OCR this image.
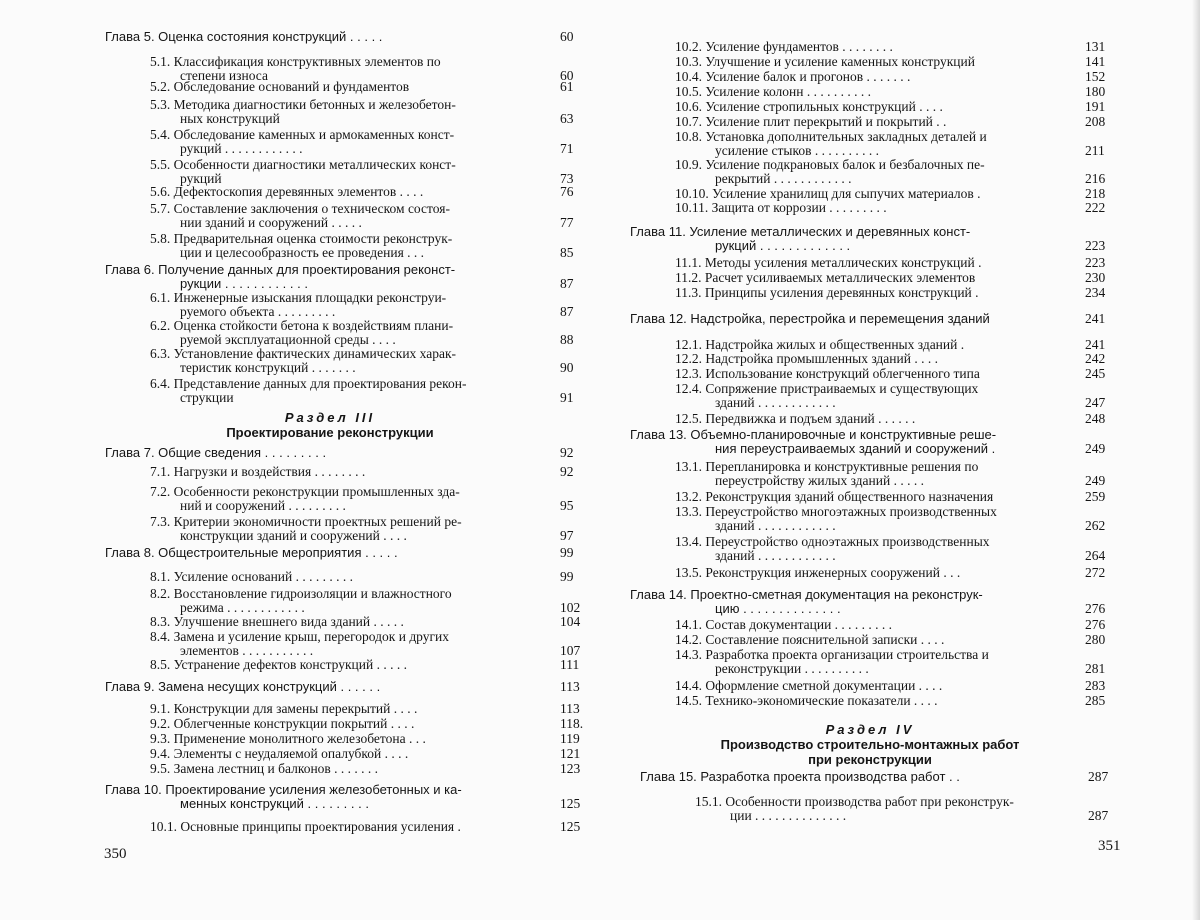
Глава 5. Оценка состояния конструкций . . . . .	60
5.1. Классификация конструктивных элементов по
степени износа	60
5.2. Обследование оснований и фундаментов	61
5.3. Методика диагностики бетонных и железобетон-
ных конструкций	63
5.4. Обследование каменных и армокаменных конст-
рукций . . . . . . . . . . . .	71
5.5. Особенности диагностики металлических конст-
рукций	73
5.6. Дефектоскопия деревянных элементов . . . .	76
5.7. Составление заключения о техническом состоя-
нии зданий и сооружений . . . . .	77
5.8. Предварительная оценка стоимости реконструк-
ции и целесообразность ее проведения . . .	85
Глава 6. Получение данных для проектирования реконст-
рукции . . . . . . . . . . . .	87
6.1. Инженерные изыскания площадки реконструи-
руемого объекта . . . . . . . . .	87
6.2. Оценка стойкости бетона к воздействиям плани-
руемой эксплуатационной среды . . . .	88
6.3. Установление фактических динамических харак-
теристик конструкций . . . . . . .	90
6.4. Представление данных для проектирования рекон-
струкции	91
Раздел III
Проектирование реконструкции
Глава 7. Общие сведения . . . . . . . . .	92
7.1. Нагрузки и воздействия . . . . . . . .	92
7.2. Особенности реконструкции промышленных зда-
ний и сооружений . . . . . . . . .	95
7.3. Критерии экономичности проектных решений ре-
конструкции зданий и сооружений . . . .	97
Глава 8. Общестроительные мероприятия . . . . .	99
8.1. Усиление оснований . . . . . . . . .	99
8.2. Восстановление гидроизоляции и влажностного
режима . . . . . . . . . . . .	102
8.3. Улучшение внешнего вида зданий . . . . .	104
8.4. Замена и усиление крыш, перегородок и других
элементов . . . . . . . . . . .	107
8.5. Устранение дефектов конструкций . . . . .	111
Глава 9. Замена несущих конструкций . . . . . .	113
9.1. Конструкции для замены перекрытий . . . .	113
9.2. Облегченные конструкции покрытий . . . .	118.
9.3. Применение монолитного железобетона . . .	119
9.4. Элементы с неудаляемой опалубкой . . . .	121
9.5. Замена лестниц и балконов . . . . . . .	123
Глава 10. Проектирование усиления железобетонных и ка-
менных конструкций . . . . . . . . .	125
10.1. Основные принципы проектирования усиления .	125
350
10.2. Усиление фундаментов . . . . . . . .	131
10.3. Улучшение и усиление каменных конструкций	141
10.4. Усиление балок и прогонов . . . . . . .	152
10.5. Усиление колонн . . . . . . . . . .	180
10.6. Усиление стропильных конструкций . . . .	191
10.7. Усиление плит перекрытий и покрытий . .	208
10.8. Установка дополнительных закладных деталей и
усиление стыков . . . . . . . . . .	211
10.9. Усиление подкрановых балок и безбалочных пе-
рекрытий . . . . . . . . . . . .	216
10.10. Усиление хранилищ для сыпучих материалов .	218
10.11. Защита от коррозии . . . . . . . . .	222
Глава 11. Усиление металлических и деревянных конст-
рукций . . . . . . . . . . . . .	223
11.1. Методы усиления металлических конструкций .	223
11.2. Расчет усиливаемых металлических элементов	230
11.3. Принципы усиления деревянных конструкций .	234
Глава 12. Надстройка, перестройка и перемещения зданий	241
12.1. Надстройка жилых и общественных зданий .	241
12.2. Надстройка промышленных зданий . . . .	242
12.3. Использование конструкций облегченного типа	245
12.4. Сопряжение пристраиваемых и существующих
зданий . . . . . . . . . . . .	247
12.5. Передвижка и подъем зданий . . . . . .	248
Глава 13. Объемно-планировочные и конструктивные реше-
ния переустраиваемых зданий и сооружений .	249
13.1. Перепланировка и конструктивные решения по
переустройству жилых зданий . . . . .	249
13.2. Реконструкция зданий общественного назначения	259
13.3. Переустройство многоэтажных производственных
зданий . . . . . . . . . . . .	262
13.4. Переустройство одноэтажных производственных
зданий . . . . . . . . . . . .	264
13.5. Реконструкция инженерных сооружений . . .	272
Глава 14. Проектно-сметная документация на реконструк-
цию . . . . . . . . . . . . . .	276
14.1. Состав документации . . . . . . . . .	276
14.2. Составление пояснительной записки . . . .	280
14.3. Разработка проекта организации строительства и
реконструкции . . . . . . . . . .	281
14.4. Оформление сметной документации . . . .	283
14.5. Технико-экономические показатели . . . .	285
Раздел IV
Производство строительно-монтажных работ
при реконструкции
Глава 15. Разработка проекта производства работ . .	287
15.1. Особенности производства работ при реконструк-
ции . . . . . . . . . . . . . .	287
351
